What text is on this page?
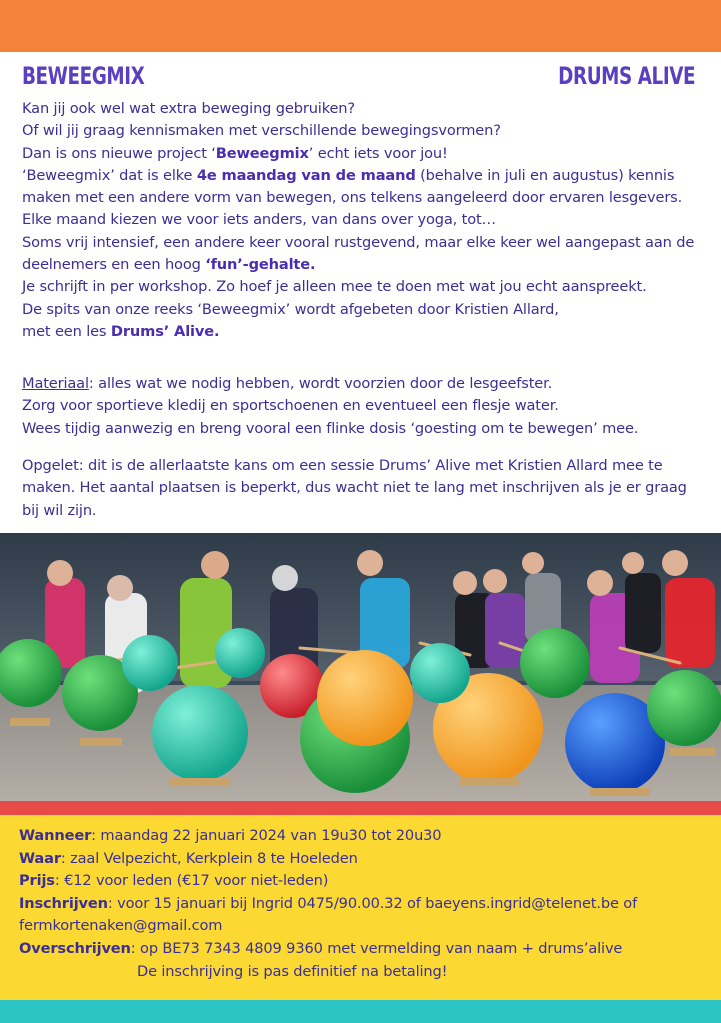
BEWEEGMIX	DRUMS ALIVE

Kan jij ook wel wat extra beweging gebruiken?

Of wil jij graag kennismaken met verschillende bewegingsvormen?

Dan is ons nieuwe project ‘Beweegmix’ echt iets voor jou!

‘Beweegmix’ dat is elke 4e maandag van de maand (behalve in juli en augustus) kennis

maken met een andere vorm van bewegen, ons telkens aangeleerd door ervaren lesgevers.

Elke maand kiezen we voor iets anders, van dans over yoga, tot…

Soms vrij intensief, een andere keer vooral rustgevend, maar elke keer wel aangepast aan de

deelnemers en een hoog ‘fun’-gehalte.

Je schrijft in per workshop. Zo hoef je alleen mee te doen met wat jou echt aanspreekt.

De spits van onze reeks ‘Beweegmix’ wordt afgebeten door Kristien Allard,

met een les Drums’ Alive.

Materiaal: alles wat we nodig hebben, wordt voorzien door de lesgeefster.

Zorg voor sportieve kledij en sportschoenen en eventueel een flesje water.

Wees tijdig aanwezig en breng vooral een flinke dosis ‘goesting om te bewegen’ mee.

Opgelet: dit is de allerlaatste kans om een sessie Drums’ Alive met Kristien Allard mee te

maken. Het aantal plaatsen is beperkt, dus wacht niet te lang met inschrijven als je er graag

bij wil zijn.

Wanneer: maandag 22 januari 2024 van 19u30 tot 20u30

Waar: zaal Velpezicht, Kerkplein 8 te Hoeleden

Prijs: €12 voor leden (€17 voor niet-leden)

Inschrijven: voor 15 januari bij Ingrid 0475/90.00.32 of baeyens.ingrid@telenet.be of

fermkortenaken@gmail.com

Overschrijven: op BE73 7343 4809 9360 met vermelding van naam + drums’alive

De inschrijving is pas definitief na betaling!
